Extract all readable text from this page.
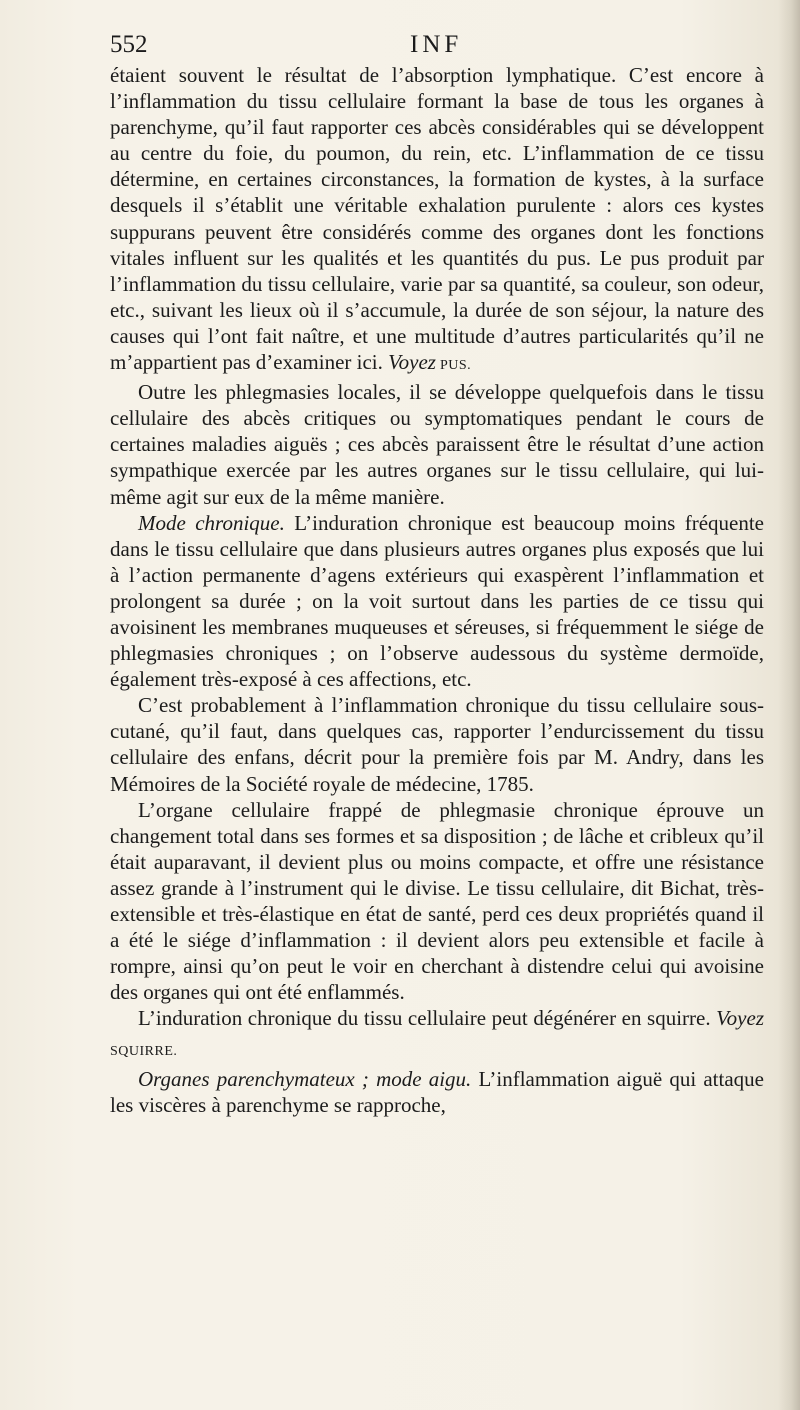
552	INF

étaient souvent le résultat de l’absorption lymphatique. C’est encore à l’inflammation du tissu cellulaire formant la base de tous les organes à parenchyme, qu’il faut rapporter ces abcès considérables qui se développent au centre du foie, du poumon, du rein, etc. L’inflammation de ce tissu détermine, en certaines circonstances, la formation de kystes, à la surface desquels il s’établit une véritable exhalation purulente : alors ces kystes suppurans peuvent être considérés comme des organes dont les fonctions vitales influent sur les qualités et les quantités du pus. Le pus produit par l’inflammation du tissu cellulaire, varie par sa quantité, sa couleur, son odeur, etc., suivant les lieux où il s’accumule, la durée de son séjour, la nature des causes qui l’ont fait naître, et une multitude d’autres particularités qu’il ne m’appartient pas d’examiner ici. Voyez PUS.

Outre les phlegmasies locales, il se développe quelquefois dans le tissu cellulaire des abcès critiques ou symptomatiques pendant le cours de certaines maladies aiguës ; ces abcès paraissent être le résultat d’une action sympathique exercée par les autres organes sur le tissu cellulaire, qui lui-même agit sur eux de la même manière.

Mode chronique. L’induration chronique est beaucoup moins fréquente dans le tissu cellulaire que dans plusieurs autres organes plus exposés que lui à l’action permanente d’agens extérieurs qui exaspèrent l’inflammation et prolongent sa durée ; on la voit surtout dans les parties de ce tissu qui avoisinent les membranes muqueuses et séreuses, si fréquemment le siége de phlegmasies chroniques ; on l’observe audessous du système dermoïde, également très-exposé à ces affections, etc.

C’est probablement à l’inflammation chronique du tissu cellulaire sous-cutané, qu’il faut, dans quelques cas, rapporter l’endurcissement du tissu cellulaire des enfans, décrit pour la première fois par M. Andry, dans les Mémoires de la Société royale de médecine, 1785.

L’organe cellulaire frappé de phlegmasie chronique éprouve un changement total dans ses formes et sa disposition ; de lâche et cribleux qu’il était auparavant, il devient plus ou moins compacte, et offre une résistance assez grande à l’instrument qui le divise. Le tissu cellulaire, dit Bichat, très-extensible et très-élastique en état de santé, perd ces deux propriétés quand il a été le siége d’inflammation : il devient alors peu extensible et facile à rompre, ainsi qu’on peut le voir en cherchant à distendre celui qui avoisine des organes qui ont été enflammés.

L’induration chronique du tissu cellulaire peut dégénérer en squirre. Voyez SQUIRRE.

Organes parenchymateux ; mode aigu. L’inflammation aiguë qui attaque les viscères à parenchyme se rapproche,
